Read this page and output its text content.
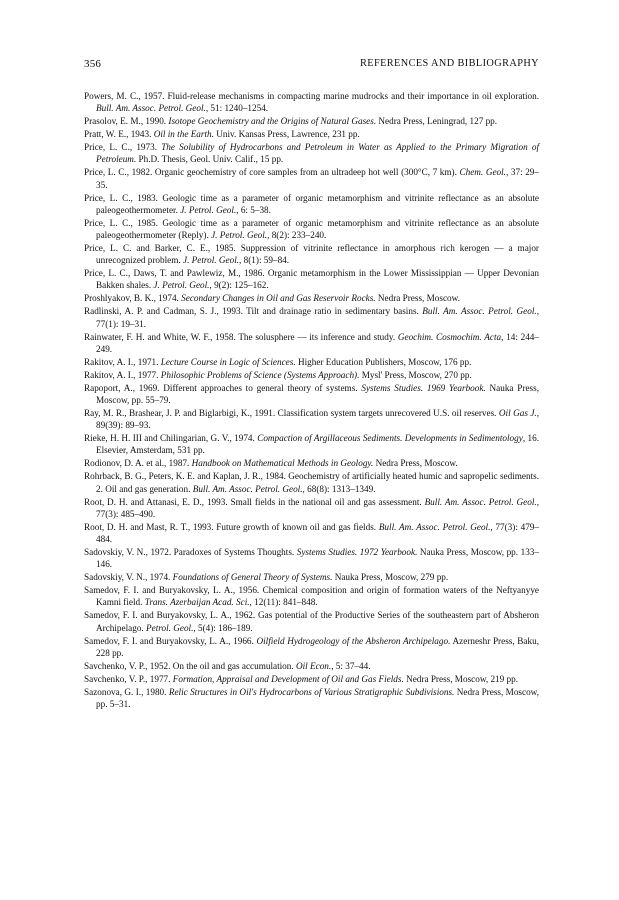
356	REFERENCES AND BIBLIOGRAPHY

Powers, M. C., 1957. Fluid-release mechanisms in compacting marine mudrocks and their importance in oil exploration. Bull. Am. Assoc. Petrol. Geol., 51: 1240–1254.

Prasolov, E. M., 1990. Isotope Geochemistry and the Origins of Natural Gases. Nedra Press, Leningrad, 127 pp.

Pratt, W. E., 1943. Oil in the Earth. Univ. Kansas Press, Lawrence, 231 pp.

Price, L. C., 1973. The Solubility of Hydrocarbons and Petroleum in Water as Applied to the Primary Migration of Petroleum. Ph.D. Thesis, Geol. Univ. Calif., 15 pp.

Price, L. C., 1982. Organic geochemistry of core samples from an ultradeep hot well (300°C, 7 km). Chem. Geol., 37: 29–35.

Price, L. C., 1983. Geologic time as a parameter of organic metamorphism and vitrinite reflectance as an absolute paleogeothermometer. J. Petrol. Geol., 6: 5–38.

Price, L. C., 1985. Geologic time as a parameter of organic metamorphism and vitrinite reflectance as an absolute paleogeothermometer (Reply). J. Petrol. Geol., 8(2): 233–240.

Price, L. C. and Barker, C. E., 1985. Suppression of vitrinite reflectance in amorphous rich kerogen — a major unrecognized problem. J. Petrol. Geol., 8(1): 59–84.

Price, L. C., Daws, T. and Pawlewiz, M., 1986. Organic metamorphism in the Lower Mississippian — Upper Devonian Bakken shales. J. Petrol. Geol., 9(2): 125–162.

Proshlyakov, B. K., 1974. Secondary Changes in Oil and Gas Reservoir Rocks. Nedra Press, Moscow.

Radlinski, A. P. and Cadman, S. J., 1993. Tilt and drainage ratio in sedimentary basins. Bull. Am. Assoc. Petrol. Geol., 77(1): 19–31.

Rainwater, F. H. and White, W. F., 1958. The solusphere — its inference and study. Geochim. Cosmochim. Acta, 14: 244–249.

Rakitov, A. I., 1971. Lecture Course in Logic of Sciences. Higher Education Publishers, Moscow, 176 pp.

Rakitov, A. I., 1977. Philosophic Problems of Science (Systems Approach). Mysl' Press, Moscow, 270 pp.

Rapoport, A., 1969. Different approaches to general theory of systems. Systems Studies. 1969 Yearbook. Nauka Press, Moscow, pp. 55–79.

Ray, M. R., Brashear, J. P. and Biglarbigi, K., 1991. Classification system targets unrecovered U.S. oil reserves. Oil Gas J., 89(39): 89–93.

Rieke, H. H. III and Chilingarian, G. V., 1974. Compaction of Argillaceous Sediments. Developments in Sedimentology, 16. Elsevier, Amsterdam, 531 pp.

Rodionov, D. A. et al., 1987. Handbook on Mathematical Methods in Geology. Nedra Press, Moscow.

Rohrback, B. G., Peters, K. E. and Kaplan, J. R., 1984. Geochemistry of artificially heated humic and sapropelic sediments. 2. Oil and gas generation. Bull. Am. Assoc. Petrol. Geol., 68(8): 1313–1349.

Root, D. H. and Attanasi, E. D., 1993. Small fields in the national oil and gas assessment. Bull. Am. Assoc. Petrol. Geol., 77(3): 485–490.

Root, D. H. and Mast, R. T., 1993. Future growth of known oil and gas fields. Bull. Am. Assoc. Petrol. Geol., 77(3): 479–484.

Sadovskiy, V. N., 1972. Paradoxes of Systems Thoughts. Systems Studies. 1972 Yearbook. Nauka Press, Moscow, pp. 133–146.

Sadovskiy, V. N., 1974. Foundations of General Theory of Systems. Nauka Press, Moscow, 279 pp.

Samedov, F. I. and Buryakovsky, L. A., 1956. Chemical composition and origin of formation waters of the Neftyanyye Kamni field. Trans. Azerbaijan Acad. Sci., 12(11): 841–848.

Samedov, F. I. and Buryakovsky, L. A., 1962. Gas potential of the Productive Series of the southeastern part of Absheron Archipelago. Petrol. Geol., 5(4): 186–189.

Samedov, F. I. and Buryakovsky, L. A., 1966. Oilfield Hydrogeology of the Absheron Archipelago. Azerneshr Press, Baku, 228 pp.

Savchenko, V. P., 1952. On the oil and gas accumulation. Oil Econ., 5: 37–44.

Savchenko, V. P., 1977. Formation, Appraisal and Development of Oil and Gas Fields. Nedra Press, Moscow, 219 pp.

Sazonova, G. I., 1980. Relic Structures in Oil's Hydrocarbons of Various Stratigraphic Subdivisions. Nedra Press, Moscow, pp. 5–31.
